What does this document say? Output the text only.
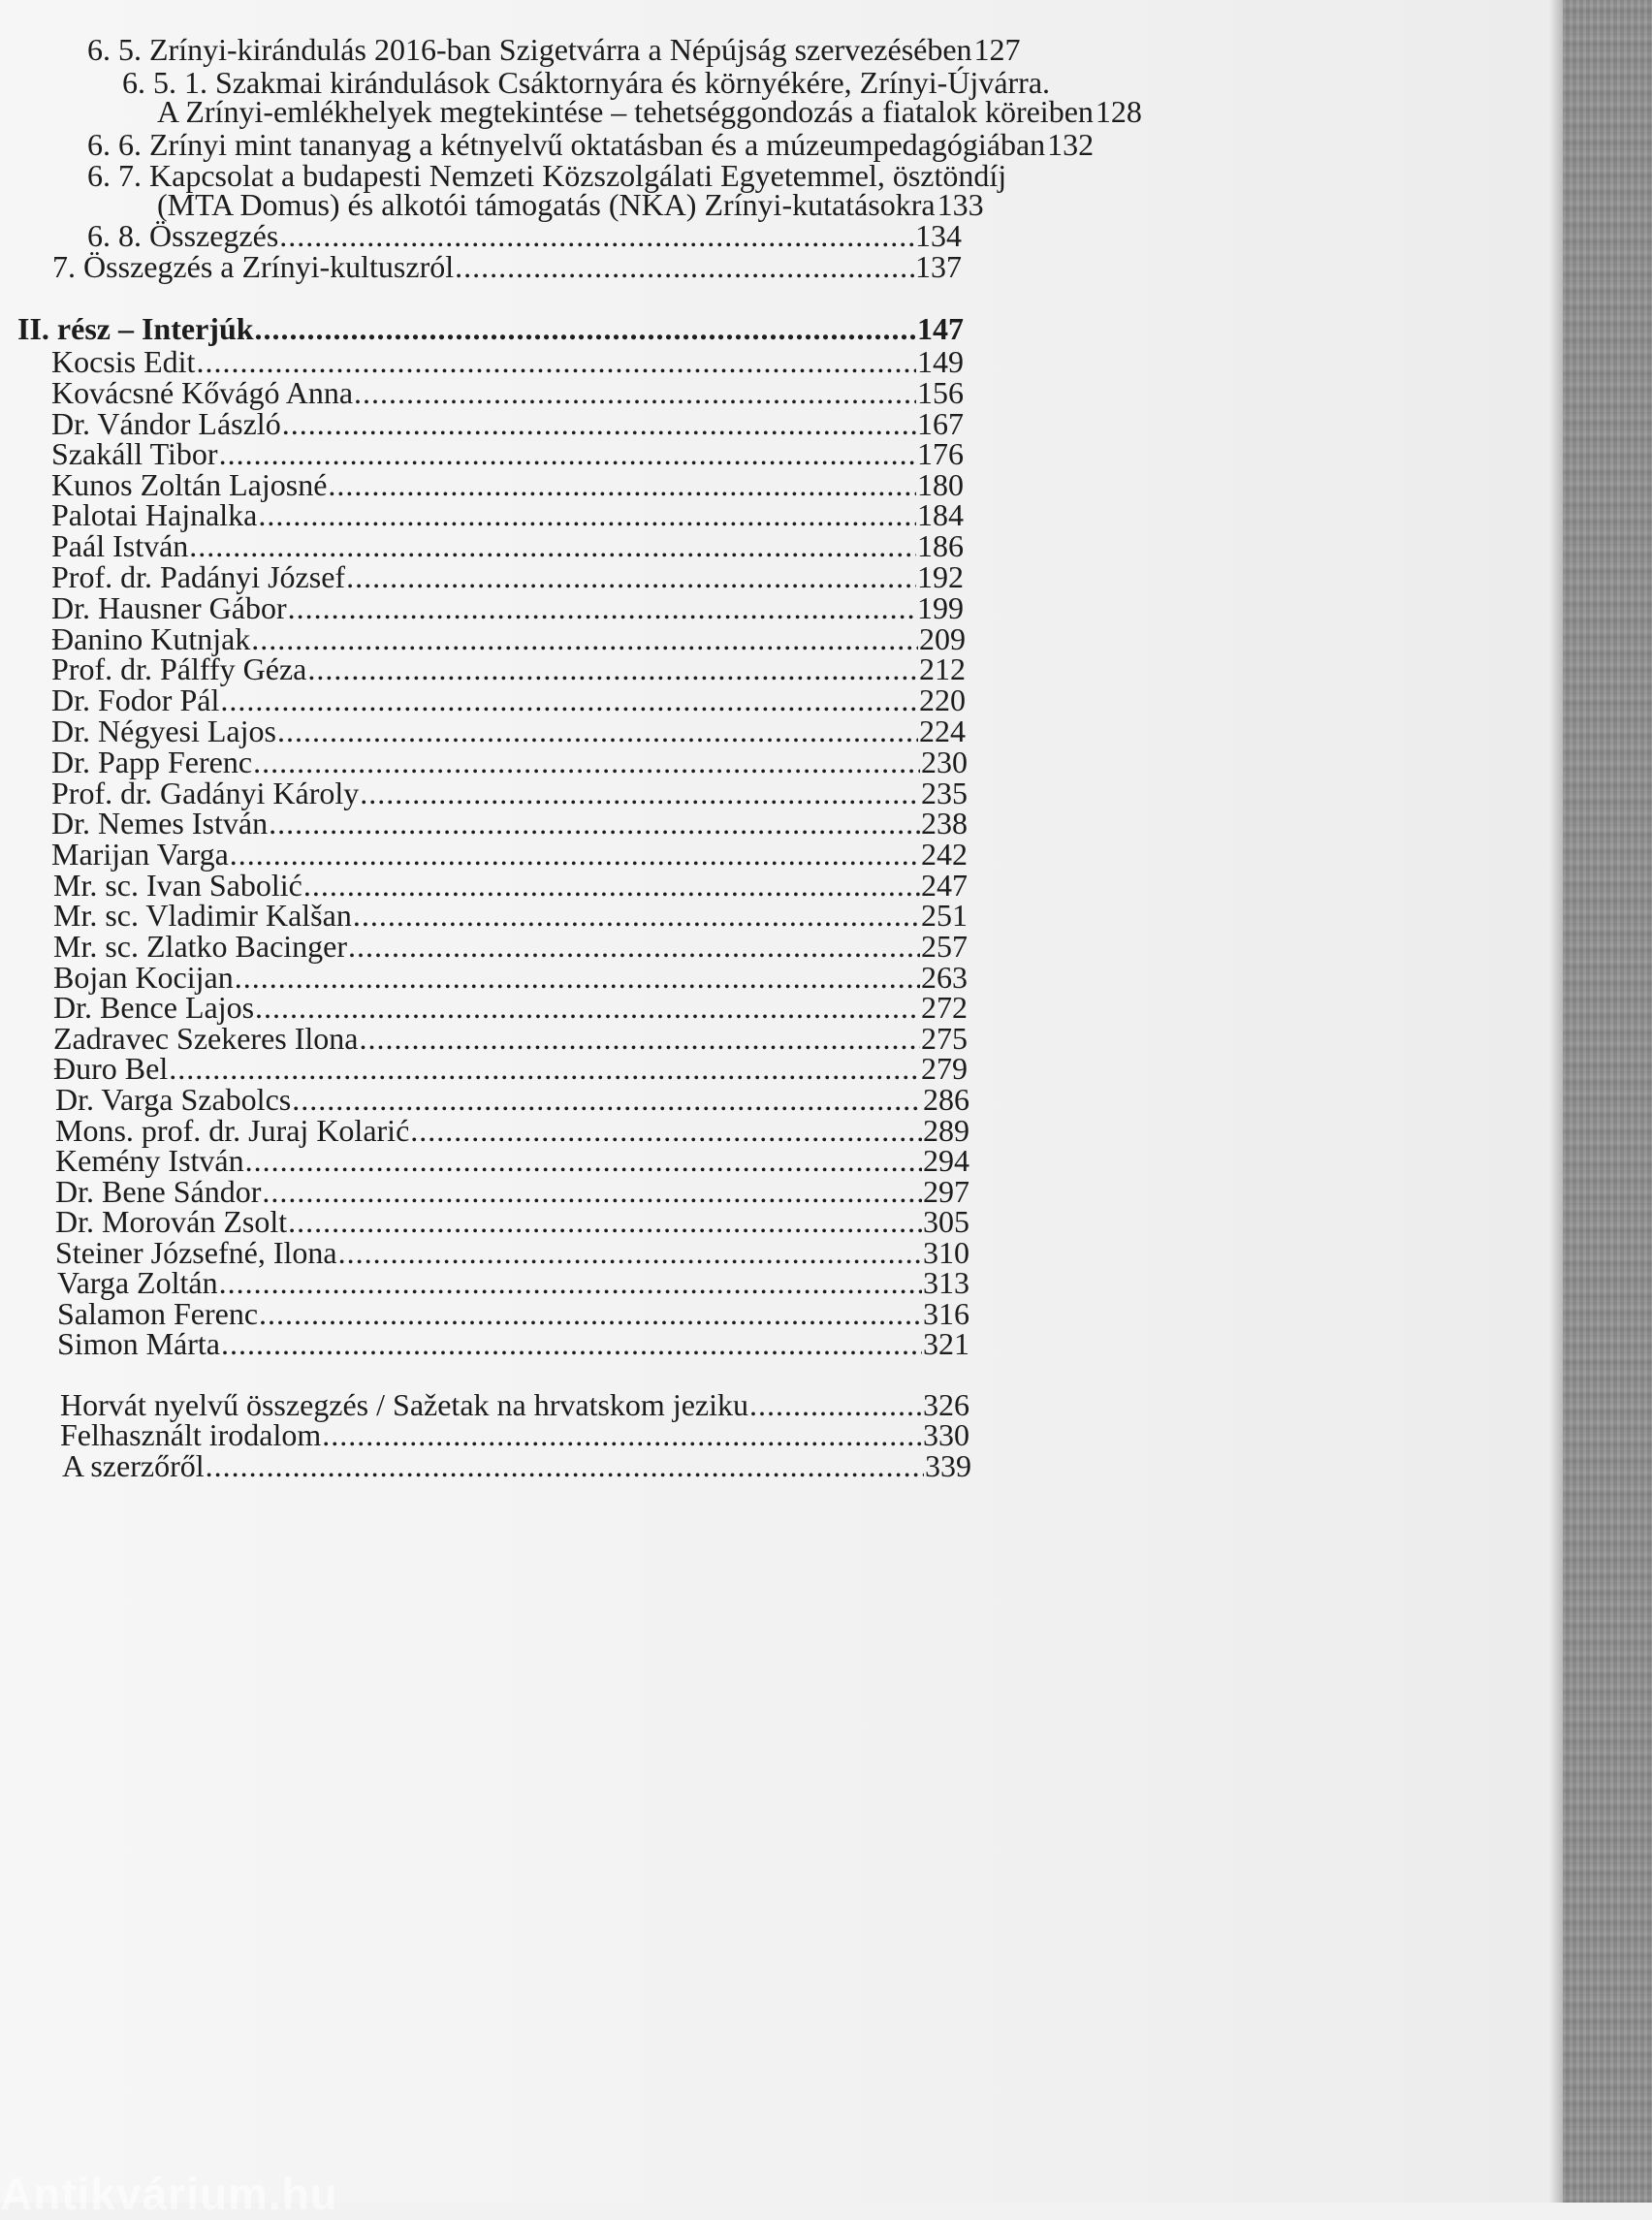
6. 5. Zrínyi-kirándulás 2016-ban Szigetvárra a Népújság szervezésében 127
6. 5. 1. Szakmai kirándulások Csáktornyára és környékére, Zrínyi-Újvárra.
A Zrínyi-emlékhelyek megtekintése – tehetséggondozás a fiatalok köreiben 128
6. 6. Zrínyi mint tananyag a kétnyelvű oktatásban és a múzeumpedagógiában 132
6. 7. Kapcsolat a budapesti Nemzeti Közszolgálati Egyetemmel, ösztöndíj
(MTA Domus) és alkotói támogatás (NKA) Zrínyi-kutatásokra 133
6. 8. Összegzés .....	134
7. Összegzés a Zrínyi-kultuszról .....	137
II. rész – Interjúk .....	147
Kocsis Edit .....	149
Kovácsné Kővágó Anna .....	156
Dr. Vándor László .....	167
Szakáll Tibor .....	176
Kunos Zoltán Lajosné .....	180
Palotai Hajnalka .....	184
Paál István .....	186
Prof. dr. Padányi József .....	192
Dr. Hausner Gábor .....	199
Đanino Kutnjak .....	209
Prof. dr. Pálffy Géza .....	212
Dr. Fodor Pál .....	220
Dr. Négyesi Lajos .....	224
Dr. Papp Ferenc .....	230
Prof. dr. Gadányi Károly .....	235
Dr. Nemes István .....	238
Marijan Varga .....	242
Mr. sc. Ivan Sabolić .....	247
Mr. sc. Vladimir Kalšan .....	251
Mr. sc. Zlatko Bacinger .....	257
Bojan Kocijan .....	263
Dr. Bence Lajos .....	272
Zadravec Szekeres Ilona .....	275
Đuro Bel .....	279
Dr. Varga Szabolcs .....	286
Mons. prof. dr. Juraj Kolarić .....	289
Kemény István .....	294
Dr. Bene Sándor .....	297
Dr. Morován Zsolt .....	305
Steiner Józsefné, Ilona .....	310
Varga Zoltán .....	313
Salamon Ferenc .....	316
Simon Márta .....	321
Horvát nyelvű összegzés / Sažetak na hrvatskom jeziku .....	326
Felhasznált irodalom .....	330
A szerzőről .....	339
Antikvárium.hu
